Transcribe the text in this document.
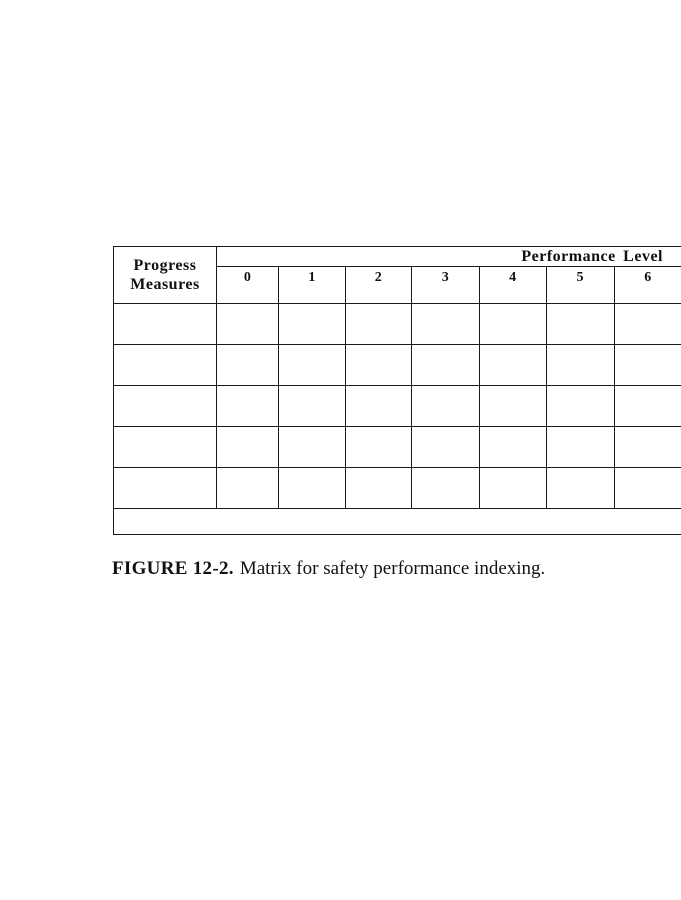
Progress
Measures	Performance Level						
	0	1	2	3	4	5	6

FIGURE 12-2. Matrix for safety performance indexing.
